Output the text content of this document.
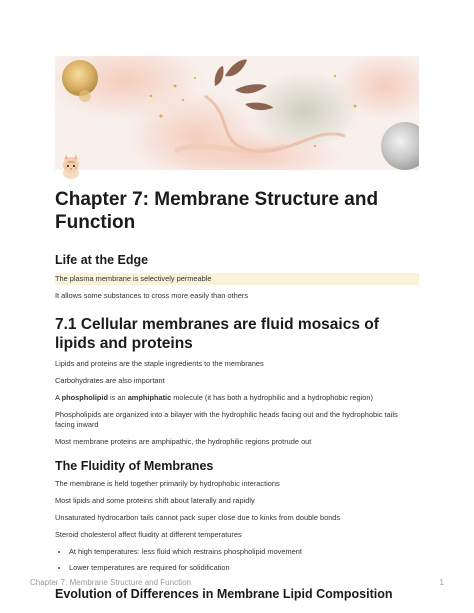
Chapter 7: Membrane Structure and Function
Life at the Edge

The plasma membrane is selectively permeable

It allows some substances to cross more easily than others

7.1 Cellular membranes are fluid mosaics of lipids and proteins

Lipids and proteins are the staple ingredients to the membranes

Carbohydrates are also important

A phospholipid is an amphiphatic molecule (it has both a hydrophilic and a hydrophobic region)

Phospholipids are organized into a bilayer with the hydrophilic heads facing out and the hydrophobic tails facing inward

Most membrane proteins are amphipathic, the hydrophilic regions protrude out

The Fluidity of Membranes

The membrane is held together primarily by hydrophobic interactions

Most lipids and some proteins shift about laterally and rapidly

Unsaturated hydrocarbon tails cannot pack super close due to kinks from double bonds

Steroid cholesterol affect fluidity at different temperatures

• At high temperatures: less fluid which restrains phospholipid movement
• Lower temperatures are required for solidification
Evolution of Differences in Membrane Lipid Composition
Chapter 7: Membrane Structure and Function	1
